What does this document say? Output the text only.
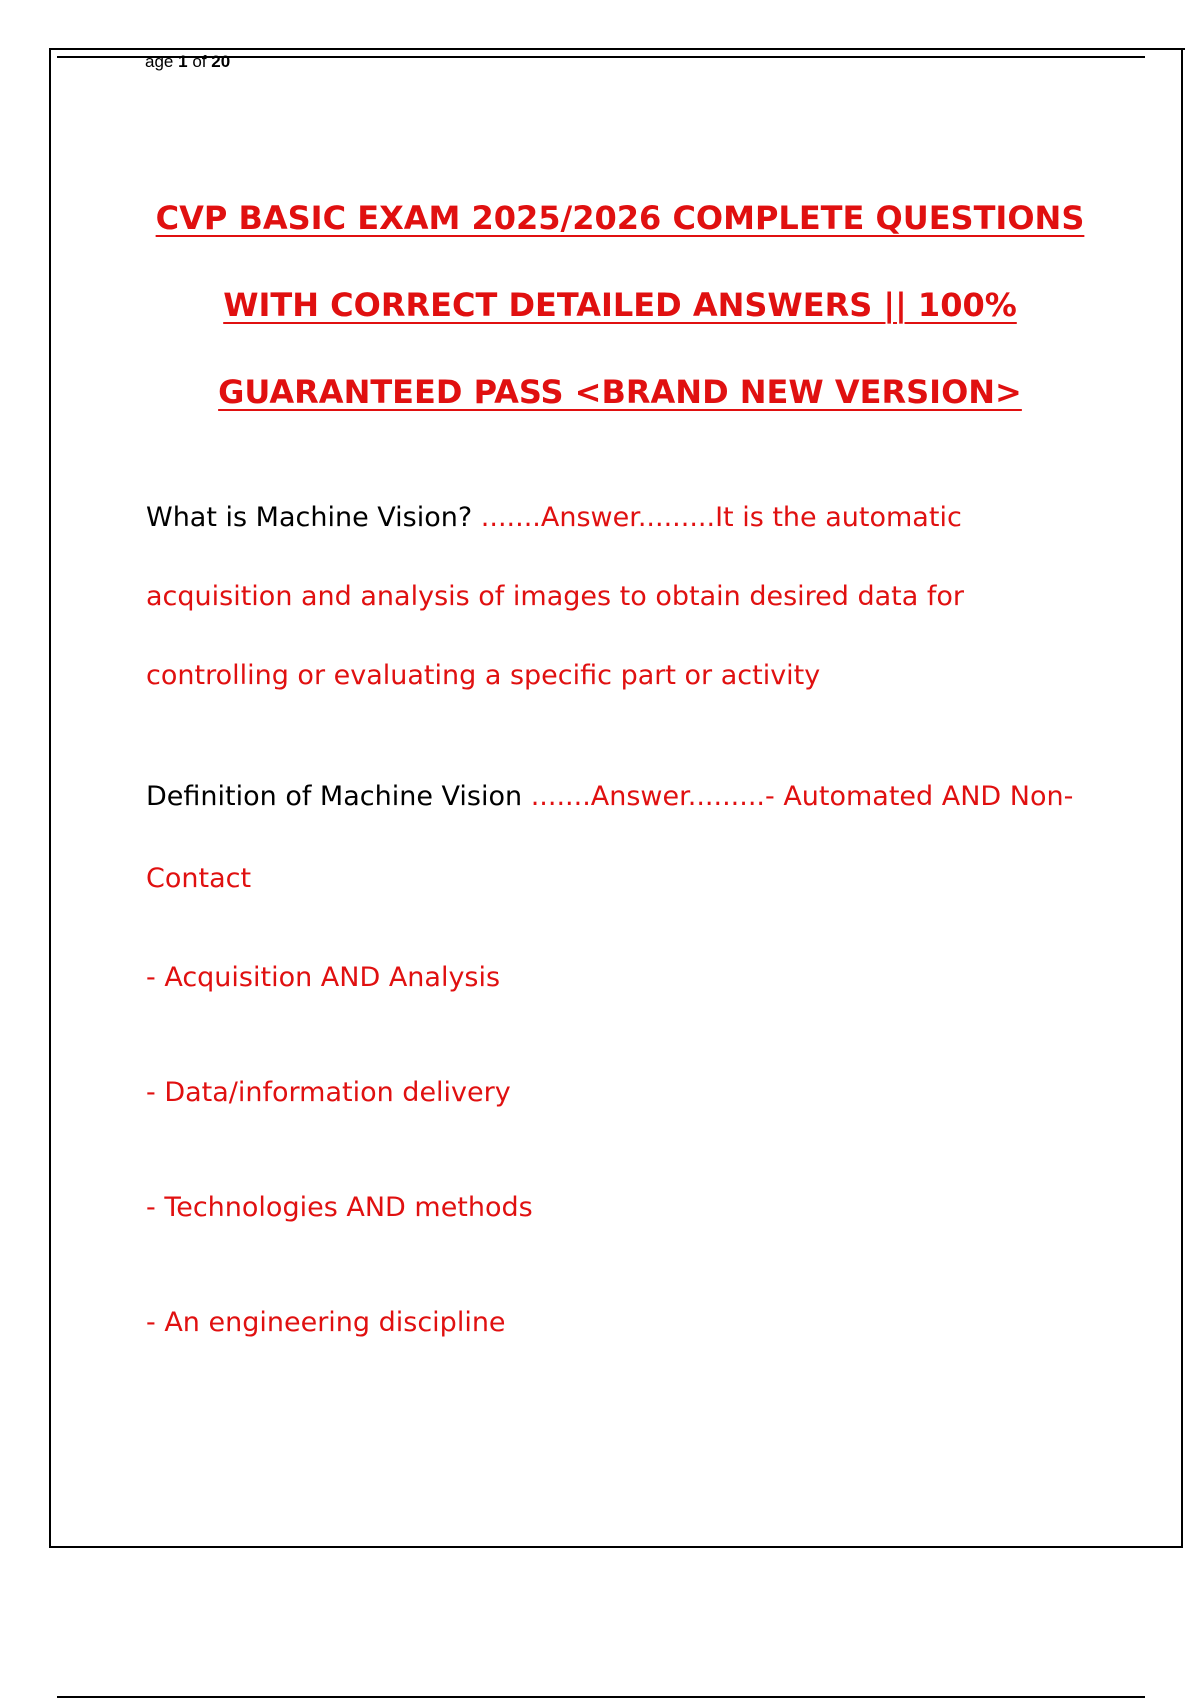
age 1 of 20
CVP BASIC EXAM 2025/2026 COMPLETE QUESTIONS
WITH CORRECT DETAILED ANSWERS || 100%
GUARANTEED PASS <BRAND NEW VERSION>
What is Machine Vision? .......Answer.........It is the automatic acquisition and analysis of images to obtain desired data for controlling or evaluating a specific part or activity
Definition of Machine Vision .......Answer.........- Automated AND Non-Contact
- Acquisition AND Analysis
- Data/information delivery
- Technologies AND methods
- An engineering discipline
